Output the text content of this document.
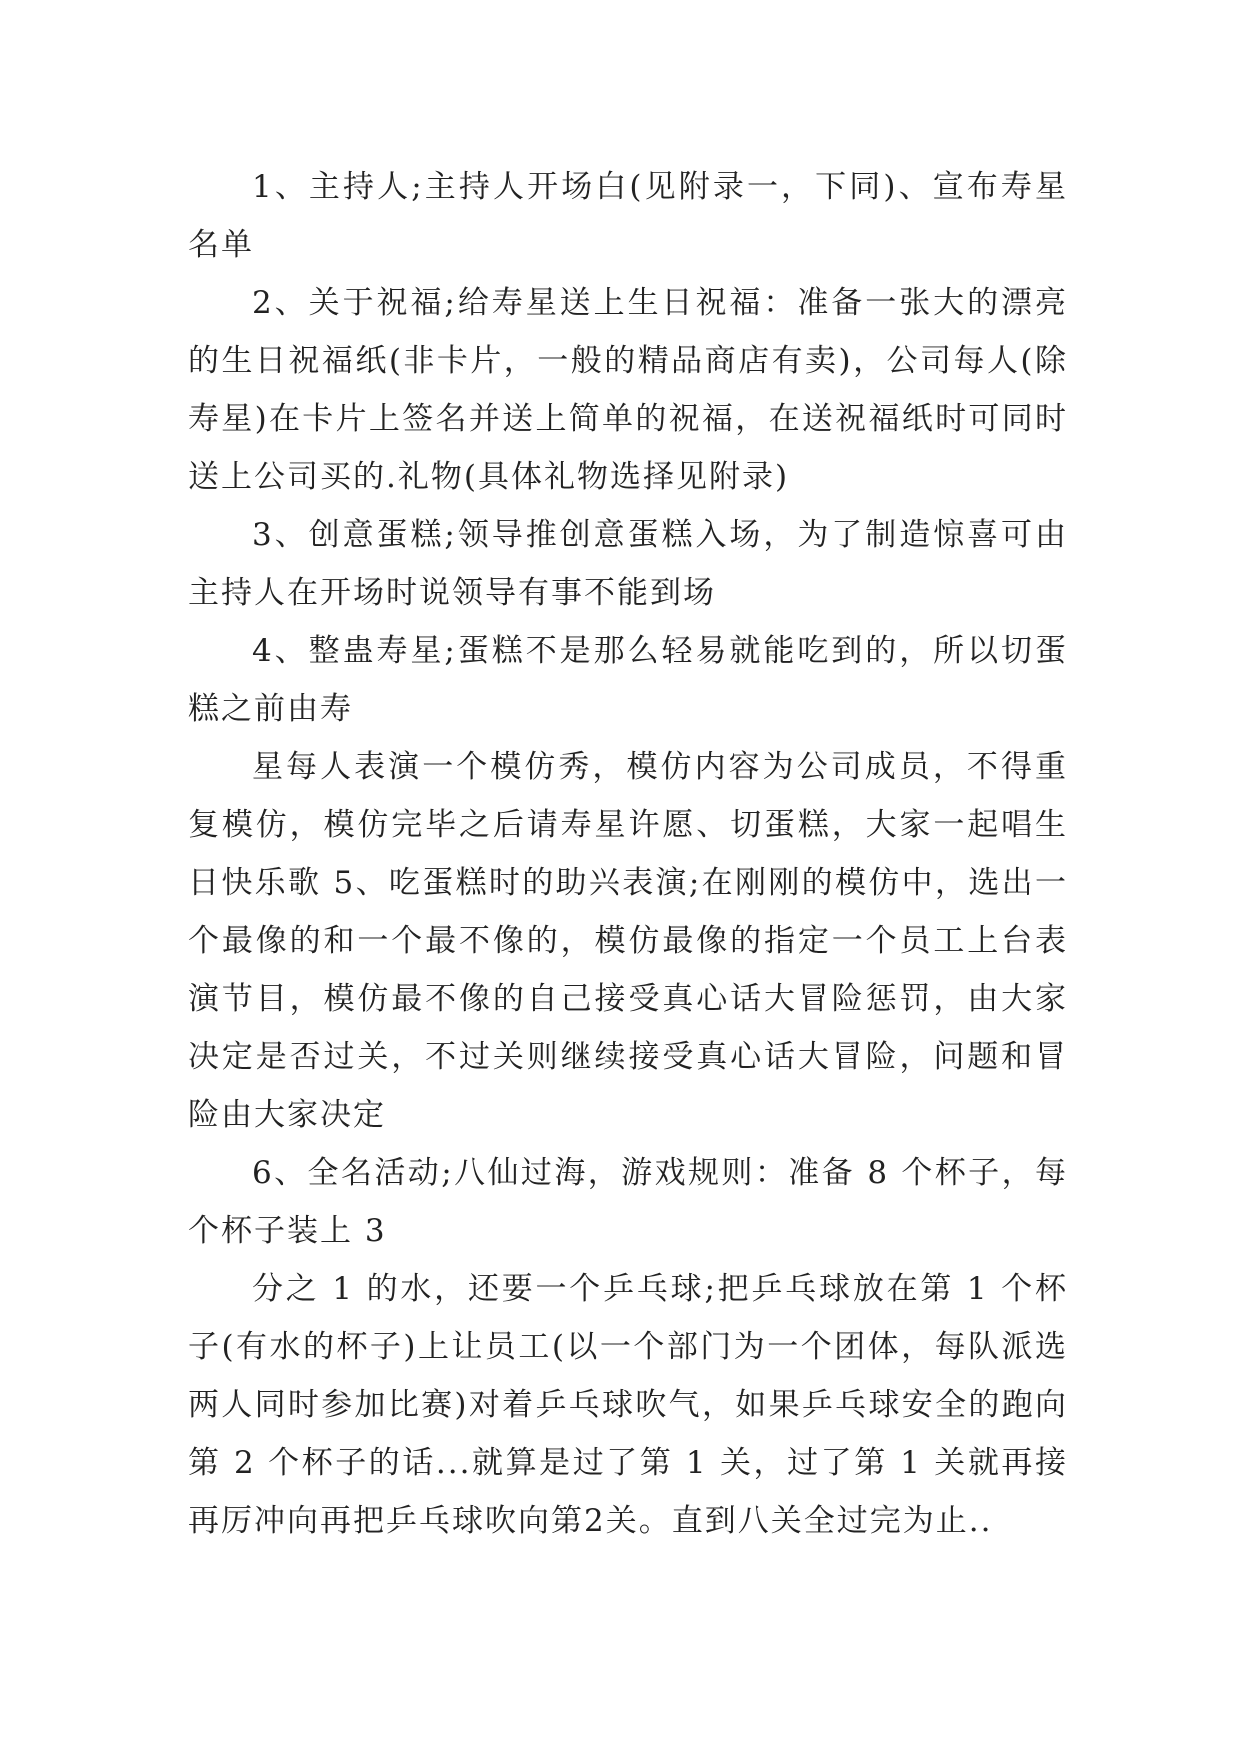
1、主持人;主持人开场白(见附录一，下同)、宣布寿星名单

2、关于祝福;给寿星送上生日祝福：准备一张大的漂亮的生日祝福纸(非卡片，一般的精品商店有卖)，公司每人(除寿星)在卡片上签名并送上简单的祝福，在送祝福纸时可同时送上公司买的.礼物(具体礼物选择见附录)

3、创意蛋糕;领导推创意蛋糕入场，为了制造惊喜可由主持人在开场时说领导有事不能到场

4、整蛊寿星;蛋糕不是那么轻易就能吃到的，所以切蛋糕之前由寿

星每人表演一个模仿秀，模仿内容为公司成员，不得重复模仿，模仿完毕之后请寿星许愿、切蛋糕，大家一起唱生日快乐歌 5、吃蛋糕时的助兴表演;在刚刚的模仿中，选出一个最像的和一个最不像的，模仿最像的指定一个员工上台表演节目，模仿最不像的自己接受真心话大冒险惩罚，由大家决定是否过关，不过关则继续接受真心话大冒险，问题和冒险由大家决定

6、全名活动;八仙过海，游戏规则：准备 8 个杯子，每个杯子装上 3

分之 1 的水，还要一个乒乓球;把乒乓球放在第 1 个杯子(有水的杯子)上让员工(以一个部门为一个团体，每队派选两人同时参加比赛)对着乒乓球吹气，如果乒乓球安全的跑向第 2 个杯子的话...就算是过了第 1 关，过了第 1 关就再接再厉冲向再把乒乓球吹向第2关。直到八关全过完为止..
